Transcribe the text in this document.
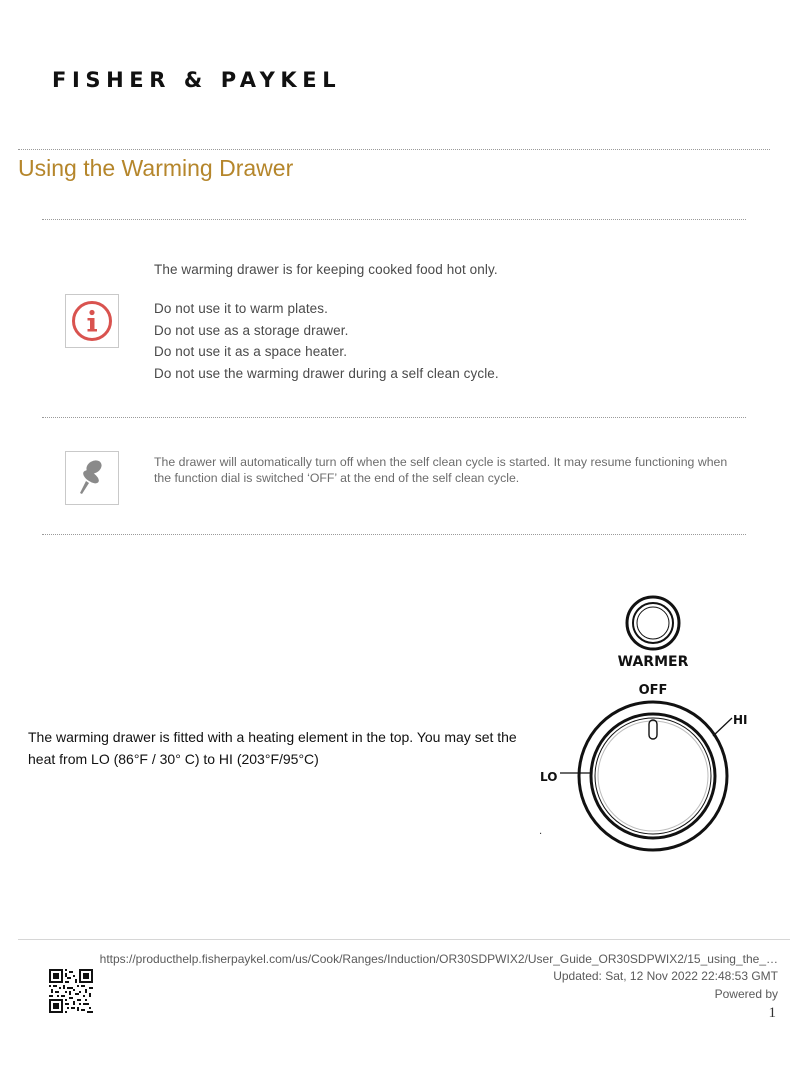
FISHER & PAYKEL
Using the Warming Drawer

The warming drawer is for keeping cooked food hot only.

Do not use it to warm plates.
Do not use as a storage drawer.
Do not use it as a space heater.
Do not use the warming drawer during a self clean cycle.
The drawer will automatically turn off when the self clean cycle is started. It may resume functioning when the function dial is switched ‘OFF’ at the end of the self clean cycle.
The warming drawer is fitted with a heating element in the top. You may set the heat from LO (86°F / 30° C) to HI (203°F/95°C)
WARMER
OFF
HI
LO
.
https://producthelp.fisherpaykel.com/us/Cook/Ranges/Induction/OR30SDPWIX2/User_Guide_OR30SDPWIX2/15_using_the_…
Updated: Sat, 12 Nov 2022 22:48:53 GMT
Powered by
1
